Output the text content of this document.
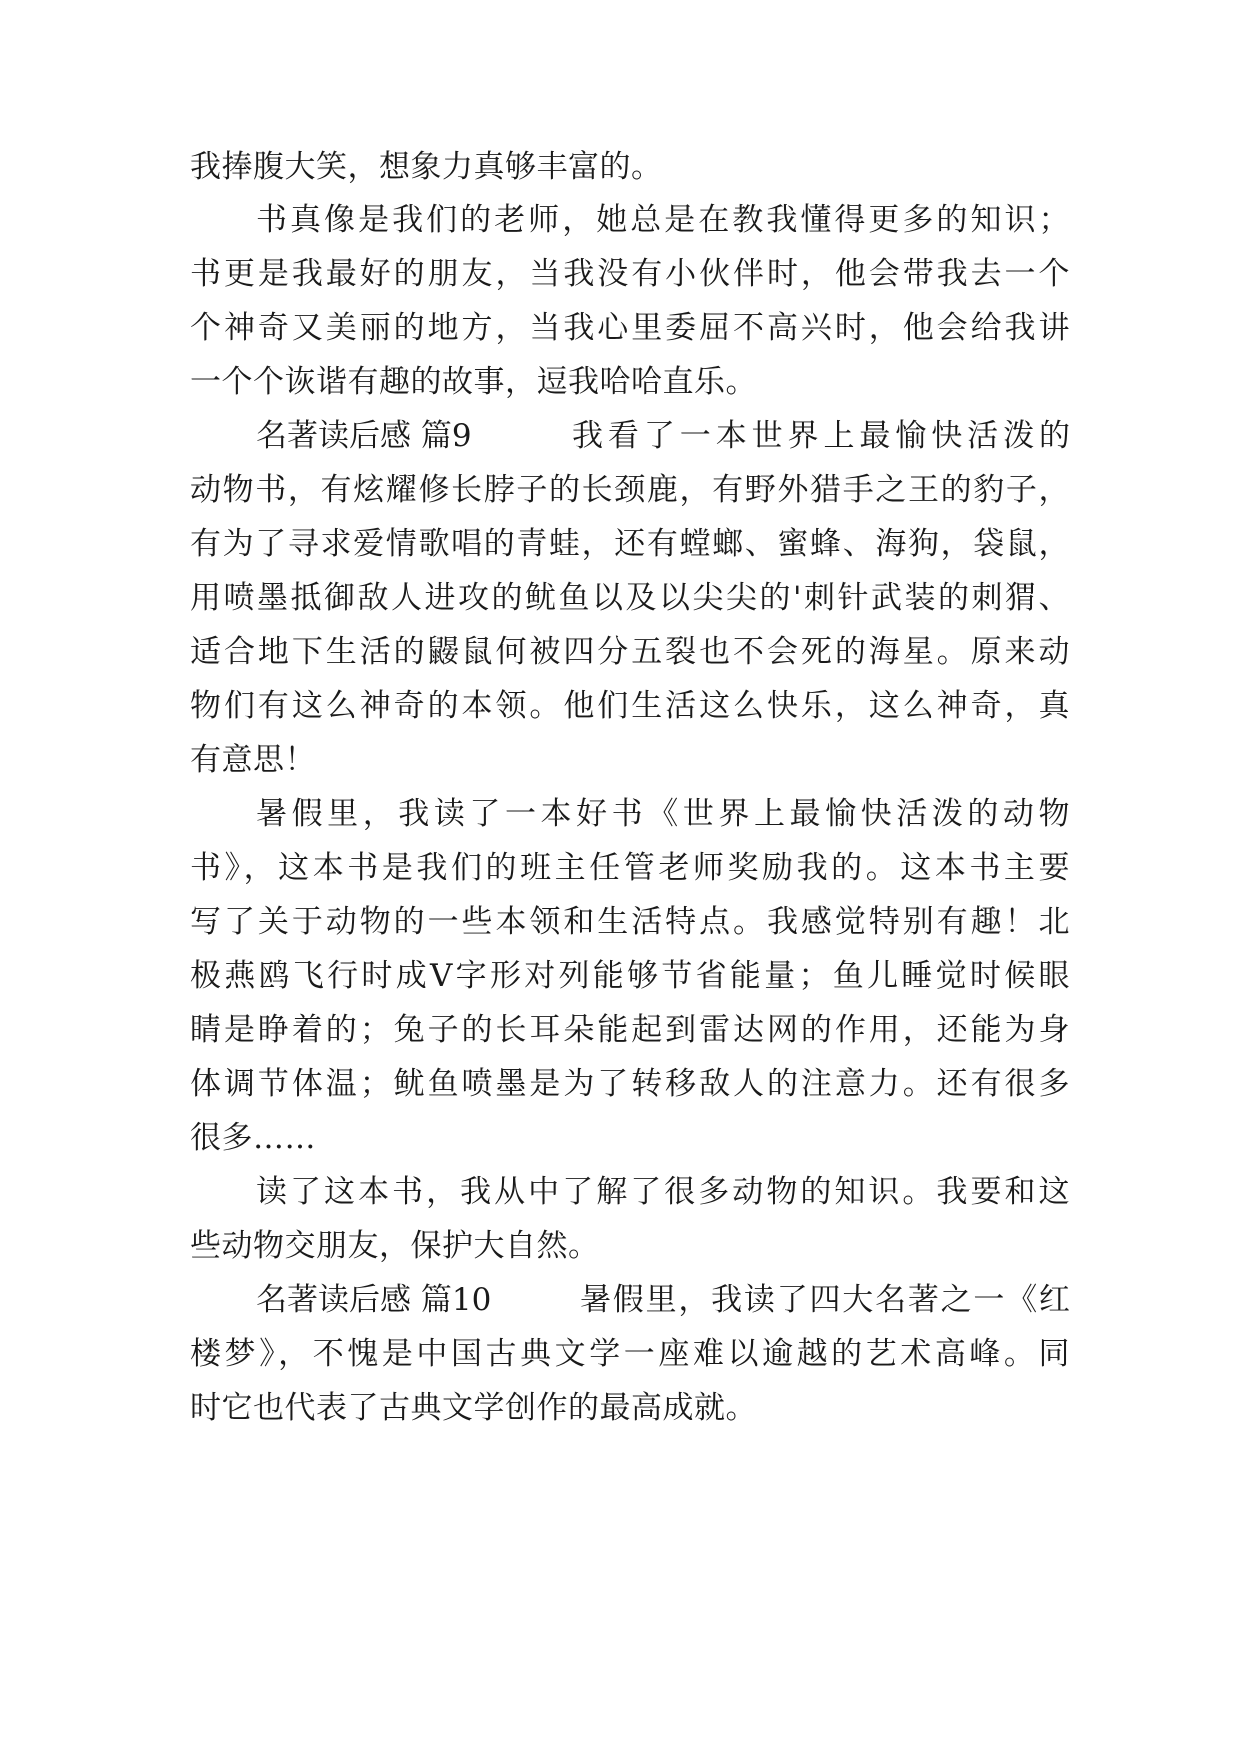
我捧腹大笑，想象力真够丰富的。
书真像是我们的老师，她总是在教我懂得更多的知识；
书更是我最好的朋友，当我没有小伙伴时，他会带我去一个
个神奇又美丽的地方，当我心里委屈不高兴时，他会给我讲
一个个诙谐有趣的故事，逗我哈哈直乐。
名著读后感 篇9	我看了一本世界上最愉快活泼的
动物书，有炫耀修长脖子的长颈鹿，有野外猎手之王的豹子，
有为了寻求爱情歌唱的青蛙，还有螳螂、蜜蜂、海狗，袋鼠，
用喷墨抵御敌人进攻的鱿鱼以及以尖尖的'刺针武装的刺猬、
适合地下生活的鼹鼠何被四分五裂也不会死的海星。原来动
物们有这么神奇的本领。他们生活这么快乐，这么神奇，真
有意思！
暑假里，我读了一本好书《世界上最愉快活泼的动物
书》，这本书是我们的班主任管老师奖励我的。这本书主要
写了关于动物的一些本领和生活特点。我感觉特别有趣！北
极燕鸥飞行时成V字形对列能够节省能量；鱼儿睡觉时候眼
睛是睁着的；兔子的长耳朵能起到雷达网的作用，还能为身
体调节体温；鱿鱼喷墨是为了转移敌人的注意力。还有很多
很多……
读了这本书，我从中了解了很多动物的知识。我要和这
些动物交朋友，保护大自然。
名著读后感 篇10	暑假里，我读了四大名著之一《红
楼梦》，不愧是中国古典文学一座难以逾越的艺术高峰。同
时它也代表了古典文学创作的最高成就。
